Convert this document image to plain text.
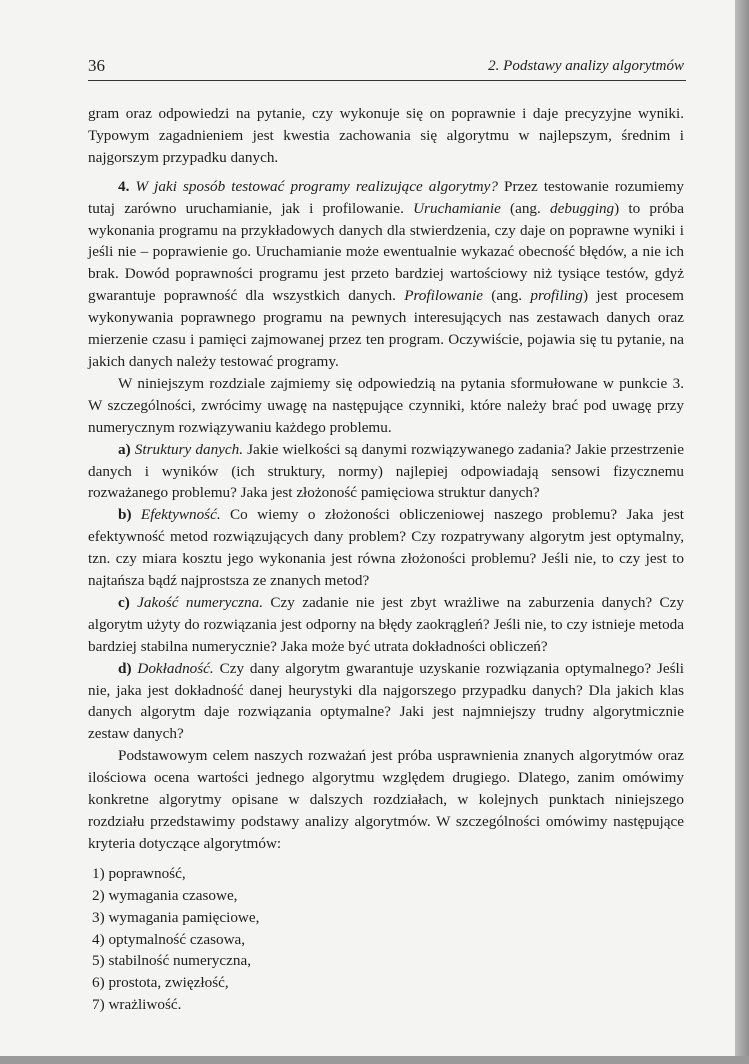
36	2. Podstawy analizy algorytmów

gram oraz odpowiedzi na pytanie, czy wykonuje się on poprawnie i daje precyzyjne wyniki. Typowym zagadnieniem jest kwestia zachowania się algorytmu w najlepszym, średnim i najgorszym przypadku danych.

4. W jaki sposób testować programy realizujące algorytmy? Przez testowanie rozumiemy tutaj zarówno uruchamianie, jak i profilowanie. Uruchamianie (ang. debugging) to próba wykonania programu na przykładowych danych dla stwierdzenia, czy daje on poprawne wyniki i jeśli nie – poprawienie go. Uruchamianie może ewentualnie wykazać obecność błędów, a nie ich brak. Dowód poprawności programu jest przeto bardziej wartościowy niż tysiące testów, gdyż gwarantuje poprawność dla wszystkich danych. Profilowanie (ang. profiling) jest procesem wykonywania poprawnego programu na pewnych interesujących nas zestawach danych oraz mierzenie czasu i pamięci zajmowanej przez ten program. Oczywiście, pojawia się tu pytanie, na jakich danych należy testować programy.

W niniejszym rozdziale zajmiemy się odpowiedzią na pytania sformułowane w punkcie 3. W szczególności, zwrócimy uwagę na następujące czynniki, które należy brać pod uwagę przy numerycznym rozwiązywaniu każdego problemu.

a) Struktury danych. Jakie wielkości są danymi rozwiązywanego zadania? Jakie przestrzenie danych i wyników (ich struktury, normy) najlepiej odpowiadają sensowi fizycznemu rozważanego problemu? Jaka jest złożoność pamięciowa struktur danych?

b) Efektywność. Co wiemy o złożoności obliczeniowej naszego problemu? Jaka jest efektywność metod rozwiązujących dany problem? Czy rozpatrywany algorytm jest optymalny, tzn. czy miara kosztu jego wykonania jest równa złożoności problemu? Jeśli nie, to czy jest to najtańsza bądź najprostsza ze znanych metod?

c) Jakość numeryczna. Czy zadanie nie jest zbyt wrażliwe na zaburzenia danych? Czy algorytm użyty do rozwiązania jest odporny na błędy zaokrągleń? Jeśli nie, to czy istnieje metoda bardziej stabilna numerycznie? Jaka może być utrata dokładności obliczeń?

d) Dokładność. Czy dany algorytm gwarantuje uzyskanie rozwiązania optymalnego? Jeśli nie, jaka jest dokładność danej heurystyki dla najgorszego przypadku danych? Dla jakich klas danych algorytm daje rozwiązania optymalne? Jaki jest najmniejszy trudny algorytmicznie zestaw danych?

Podstawowym celem naszych rozważań jest próba usprawnienia znanych algorytmów oraz ilościowa ocena wartości jednego algorytmu względem drugiego. Dlatego, zanim omówimy konkretne algorytmy opisane w dalszych rozdziałach, w kolejnych punktach niniejszego rozdziału przedstawimy podstawy analizy algorytmów. W szczególności omówimy następujące kryteria dotyczące algorytmów:

1) poprawność,
2) wymagania czasowe,
3) wymagania pamięciowe,
4) optymalność czasowa,
5) stabilność numeryczna,
6) prostota, zwięzłość,
7) wrażliwość.
